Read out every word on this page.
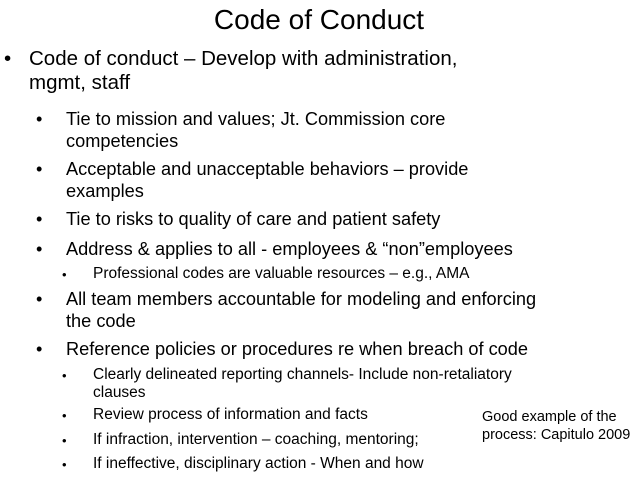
Code of Conduct
• Code of conduct – Develop with administration,
mgmt, staff
• Tie to mission and values; Jt. Commission core
competencies
• Acceptable and unacceptable behaviors – provide
examples
• Tie to risks to quality of care and patient safety
• Address & applies to all - employees & “non”employees
• Professional codes are valuable resources – e.g., AMA
• All team members accountable for modeling and enforcing
the code
• Reference policies or procedures re when breach of code
• Clearly delineated reporting channels- Include non-retaliatory
clauses
• Review process of information and facts
• If infraction, intervention – coaching, mentoring;
• If ineffective, disciplinary action - When and how
Good example of the process: Capitulo 2009
